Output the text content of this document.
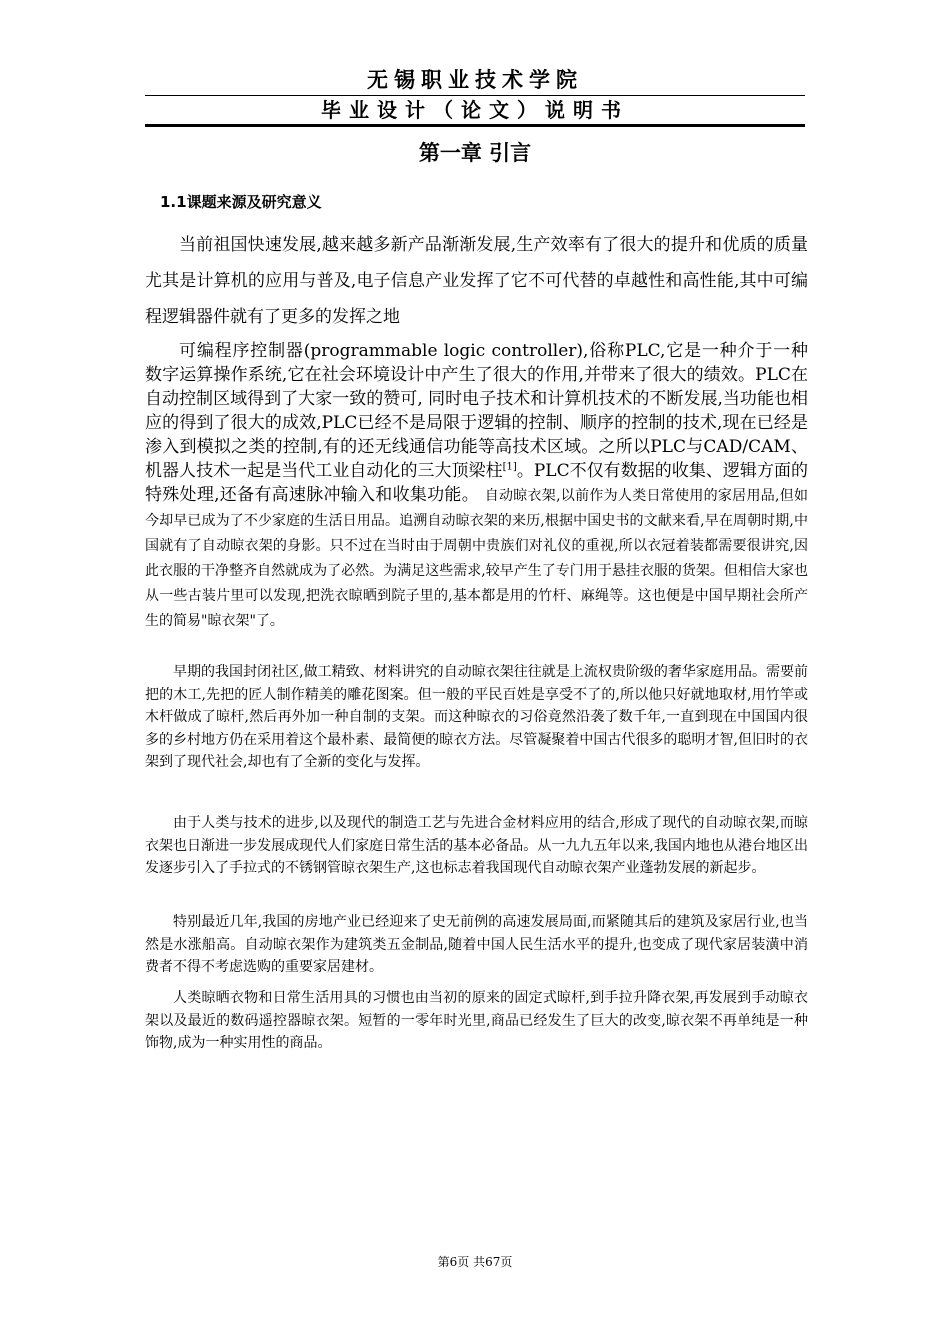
无锡职业技术学院
毕业设计（论文）说明书
第一章 引言
1.1课题来源及研究意义
当前祖国快速发展,越来越多新产品渐渐发展,生产效率有了很大的提升和优质的质量尤其是计算机的应用与普及,电子信息产业发挥了它不可代替的卓越性和高性能,其中可编程逻辑器件就有了更多的发挥之地
可编程序控制器(programmable logic controller),俗称PLC,它是一种介于一种数字运算操作系统,它在社会环境设计中产生了很大的作用,并带来了很大的绩效。PLC在自动控制区域得到了大家一致的赞可, 同时电子技术和计算机技术的不断发展,当功能也相应的得到了很大的成效,PLC已经不是局限于逻辑的控制、顺序的控制的技术,现在已经是渗入到模拟之类的控制,有的还无线通信功能等高技术区域。之所以PLC与CAD/CAM、机器人技术一起是当代工业自动化的三大顶梁柱[1]。PLC不仅有数据的收集、逻辑方面的特殊处理,还备有高速脉冲输入和收集功能。 自动晾衣架,以前作为人类日常使用的家居用品,但如今却早已成为了不少家庭的生活日用品。追溯自动晾衣架的来历,根据中国史书的文献来看,早在周朝时期,中国就有了自动晾衣架的身影。只不过在当时由于周朝中贵族们对礼仪的重视,所以衣冠着装都需要很讲究,因此衣服的干净整齐自然就成为了必然。为满足这些需求,较早产生了专门用于悬挂衣服的货架。但相信大家也从一些古装片里可以发现,把洗衣晾晒到院子里的,基本都是用的竹杆、麻绳等。这也便是中国早期社会所产生的简易"晾衣架"了。
早期的我国封闭社区,做工精致、材料讲究的自动晾衣架往往就是上流权贵阶级的奢华家庭用品。需要前把的木工,先把的匠人制作精美的雕花图案。但一般的平民百姓是享受不了的,所以他只好就地取材,用竹竿或木杆做成了晾杆,然后再外加一种自制的支架。而这种晾衣的习俗竟然沿袭了数千年,一直到现在中国国内很多的乡村地方仍在采用着这个最朴素、最简便的晾衣方法。尽管凝聚着中国古代很多的聪明才智,但旧时的衣架到了现代社会,却也有了全新的变化与发挥。
由于人类与技术的进步,以及现代的制造工艺与先进合金材料应用的结合,形成了现代的自动晾衣架,而晾衣架也日渐进一步发展成现代人们家庭日常生活的基本必备品。从一九九五年以来,我国内地也从港台地区出发逐步引入了手拉式的不锈钢管晾衣架生产,这也标志着我国现代自动晾衣架产业蓬勃发展的新起步。
特别最近几年,我国的房地产业已经迎来了史无前例的高速发展局面,而紧随其后的建筑及家居行业,也当然是水涨船高。自动晾衣架作为建筑类五金制品,随着中国人民生活水平的提升,也变成了现代家居装潢中消费者不得不考虑选购的重要家居建材。
人类晾晒衣物和日常生活用具的习惯也由当初的原来的固定式晾杆,到手拉升降衣架,再发展到手动晾衣架以及最近的数码遥控器晾衣架。短暂的一零年时光里,商品已经发生了巨大的改变,晾衣架不再单纯是一种饰物,成为一种实用性的商品。
第6页 共67页
